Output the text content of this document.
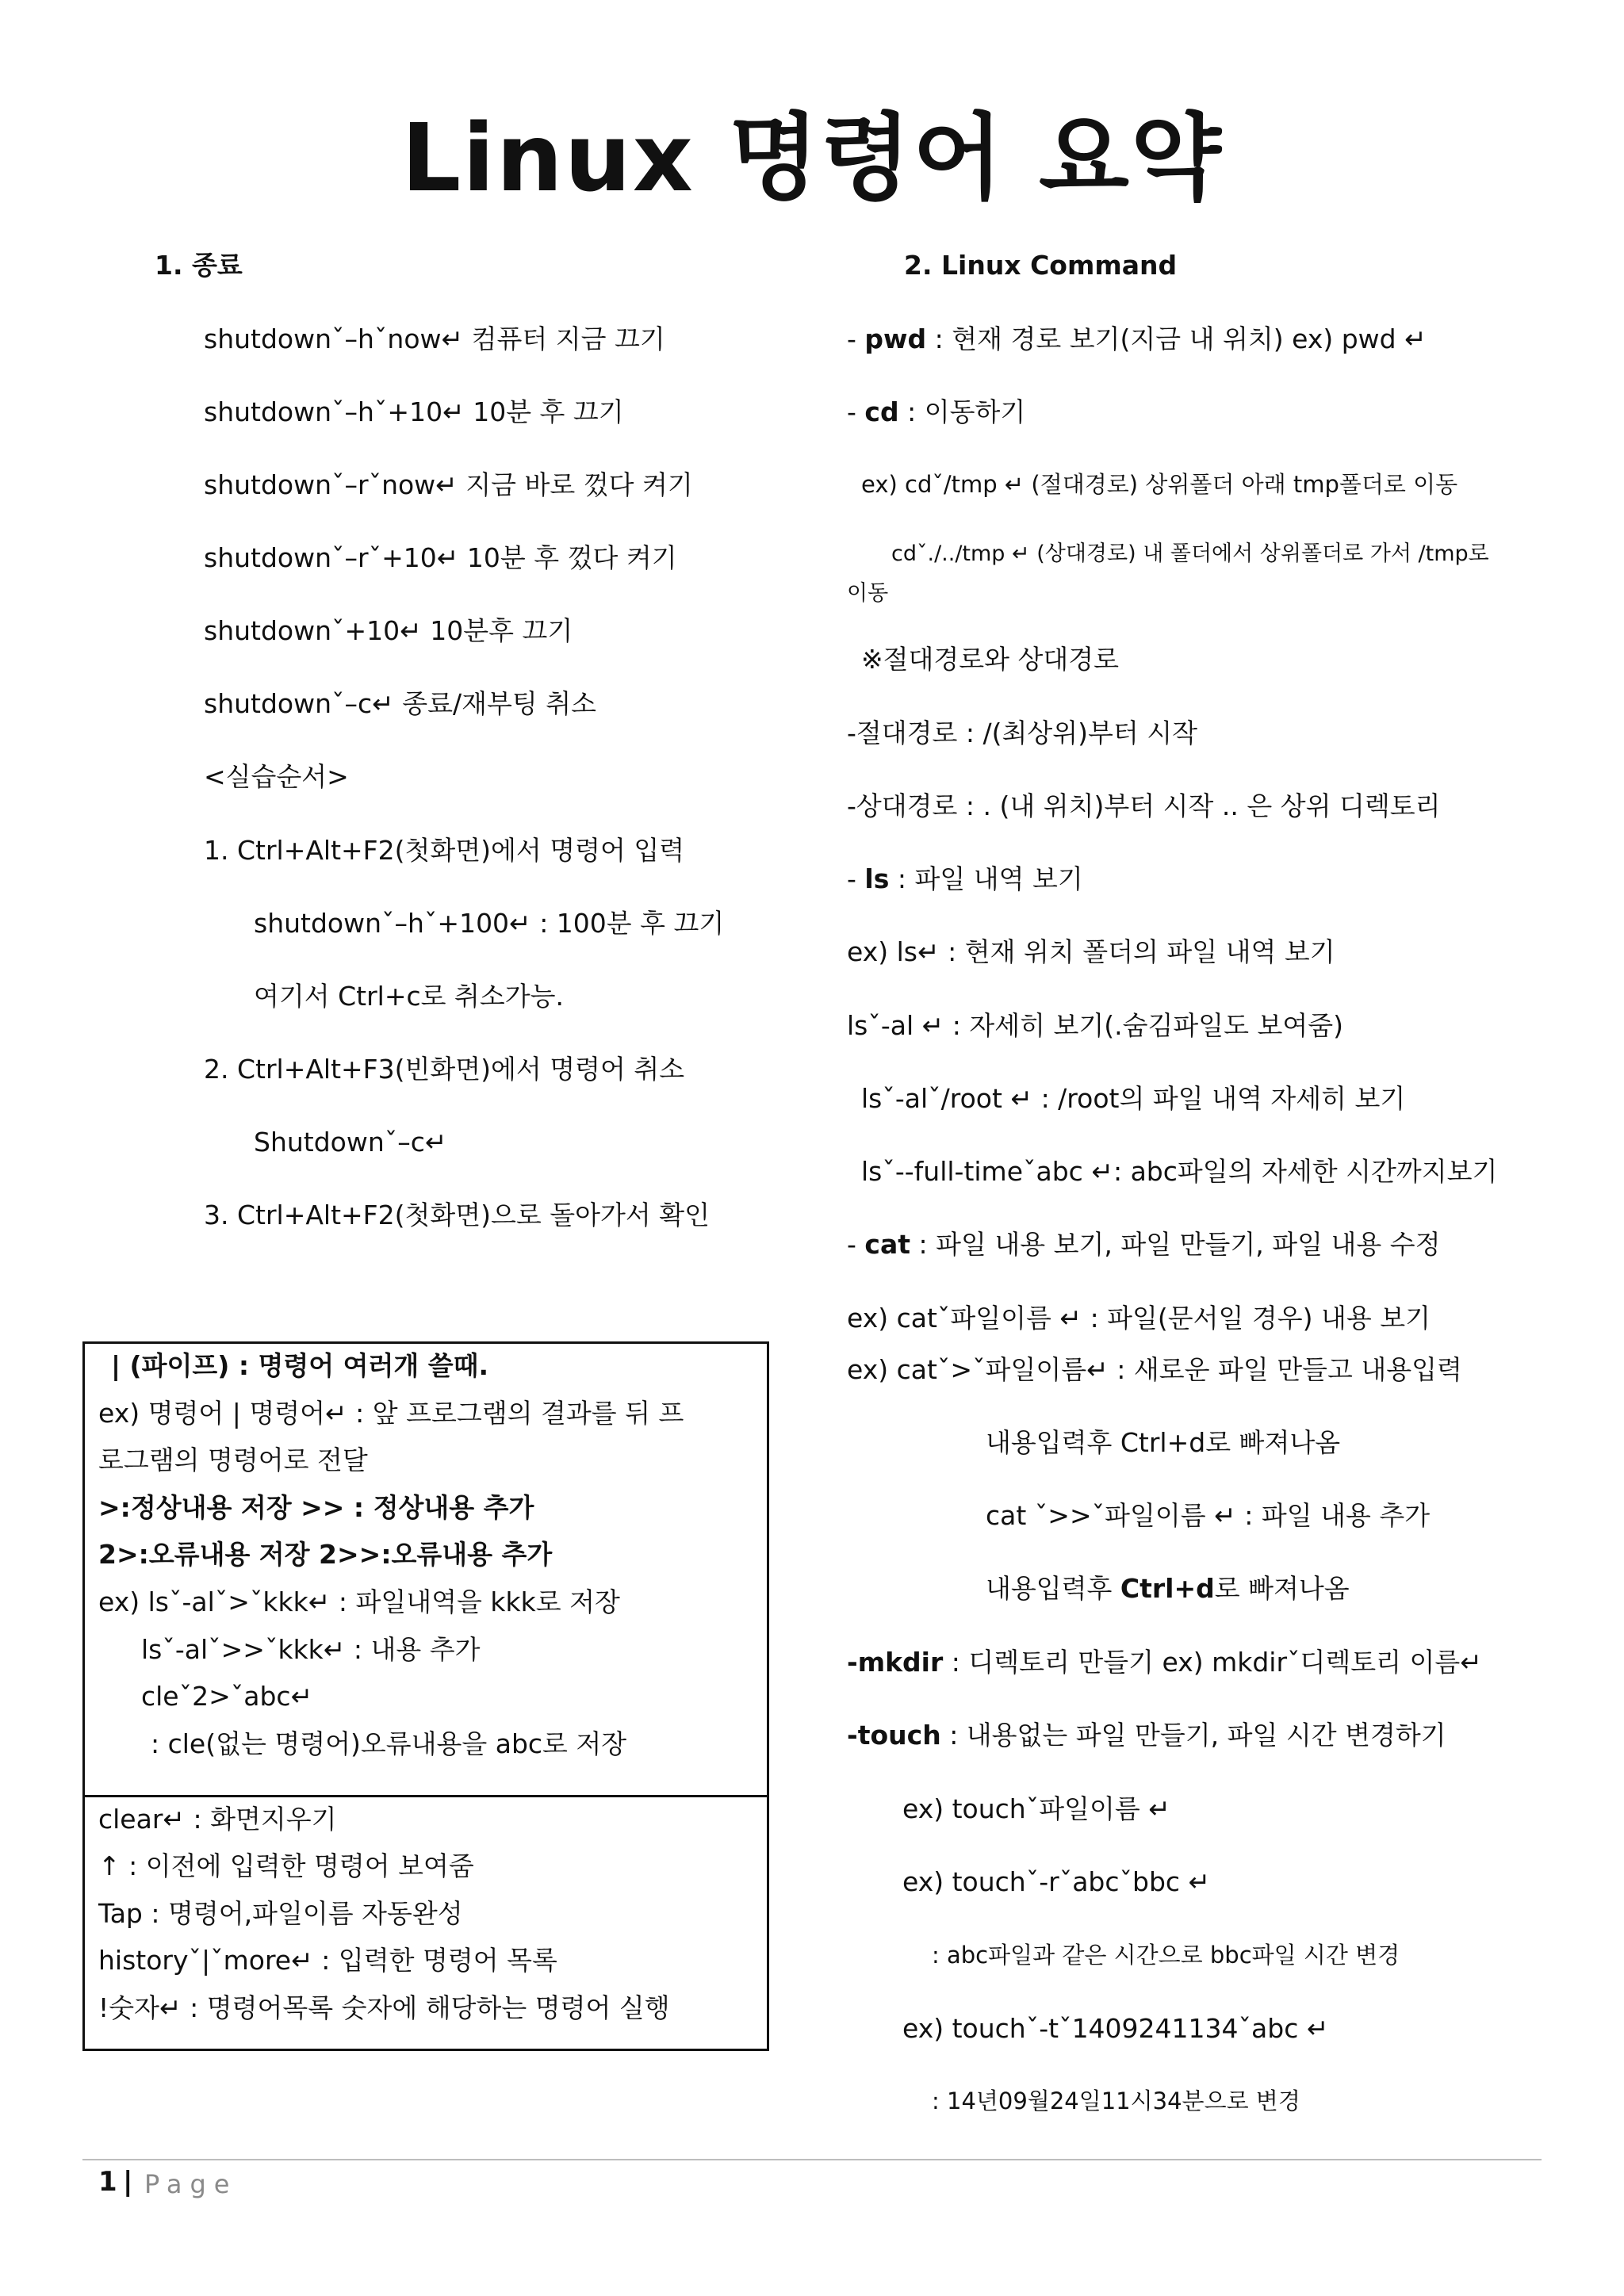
Linux 명령어 요약
1. 종료
shutdownˇ–hˇnow↵ 컴퓨터 지금 끄기
shutdownˇ–hˇ+10↵ 10분 후 끄기
shutdownˇ–rˇnow↵ 지금 바로 껐다 켜기
shutdownˇ–rˇ+10↵ 10분 후 껐다 켜기
shutdownˇ+10↵ 10분후 끄기
shutdownˇ–c↵ 종료/재부팅 취소
<실습순서>
1. Ctrl+Alt+F2(첫화면)에서 명령어 입력
shutdownˇ–hˇ+100↵ : 100분 후 끄기
여기서 Ctrl+c로 취소가능.
2. Ctrl+Alt+F3(빈화면)에서 명령어 취소
Shutdownˇ–c↵
3. Ctrl+Alt+F2(첫화면)으로 돌아가서 확인
| (파이프) : 명령어 여러개 쓸때.
ex) 명령어 | 명령어↵ : 앞 프로그램의 결과를 뒤 프
로그램의 명령어로 전달
>:정상내용 저장 >> : 정상내용 추가
2>:오류내용 저장 2>>:오류내용 추가
ex) lsˇ-alˇ>ˇkkk↵ : 파일내역을 kkk로 저장
lsˇ-alˇ>>ˇkkk↵ : 내용 추가
cleˇ2>ˇabc↵
: cle(없는 명령어)오류내용을 abc로 저장
clear↵ : 화면지우기
↑ : 이전에 입력한 명령어 보여줌
Tap : 명령어,파일이름 자동완성
historyˇ|ˇmore↵ : 입력한 명령어 목록
!숫자↵ : 명령어목록 숫자에 해당하는 명령어 실행
2. Linux Command
- pwd : 현재 경로 보기(지금 내 위치) ex) pwd ↵
- cd : 이동하기
ex) cdˇ/tmp ↵ (절대경로) 상위폴더 아래 tmp폴더로 이동
cdˇ./../tmp ↵ (상대경로) 내 폴더에서 상위폴더로 가서 /tmp로
이동
※절대경로와 상대경로
-절대경로 : /(최상위)부터 시작
-상대경로 : . (내 위치)부터 시작 .. 은 상위 디렉토리
- ls : 파일 내역 보기
ex) ls↵ : 현재 위치 폴더의 파일 내역 보기
lsˇ-al ↵ : 자세히 보기(.숨김파일도 보여줌)
lsˇ-alˇ/root ↵ : /root의 파일 내역 자세히 보기
lsˇ--full-timeˇabc ↵: abc파일의 자세한 시간까지보기
- cat : 파일 내용 보기, 파일 만들기, 파일 내용 수정
ex) catˇ파일이름 ↵ : 파일(문서일 경우) 내용 보기
ex) catˇ>ˇ파일이름↵ : 새로운 파일 만들고 내용입력
내용입력후 Ctrl+d로 빠져나옴
cat ˇ>>ˇ파일이름 ↵ : 파일 내용 추가
내용입력후 Ctrl+d로 빠져나옴
-mkdir : 디렉토리 만들기 ex) mkdirˇ디렉토리 이름↵
-touch : 내용없는 파일 만들기, 파일 시간 변경하기
ex) touchˇ파일이름 ↵
ex) touchˇ-rˇabcˇbbc ↵
: abc파일과 같은 시간으로 bbc파일 시간 변경
ex) touchˇ-tˇ1409241134ˇabc ↵
: 14년09월24일11시34분으로 변경
1 | Page
